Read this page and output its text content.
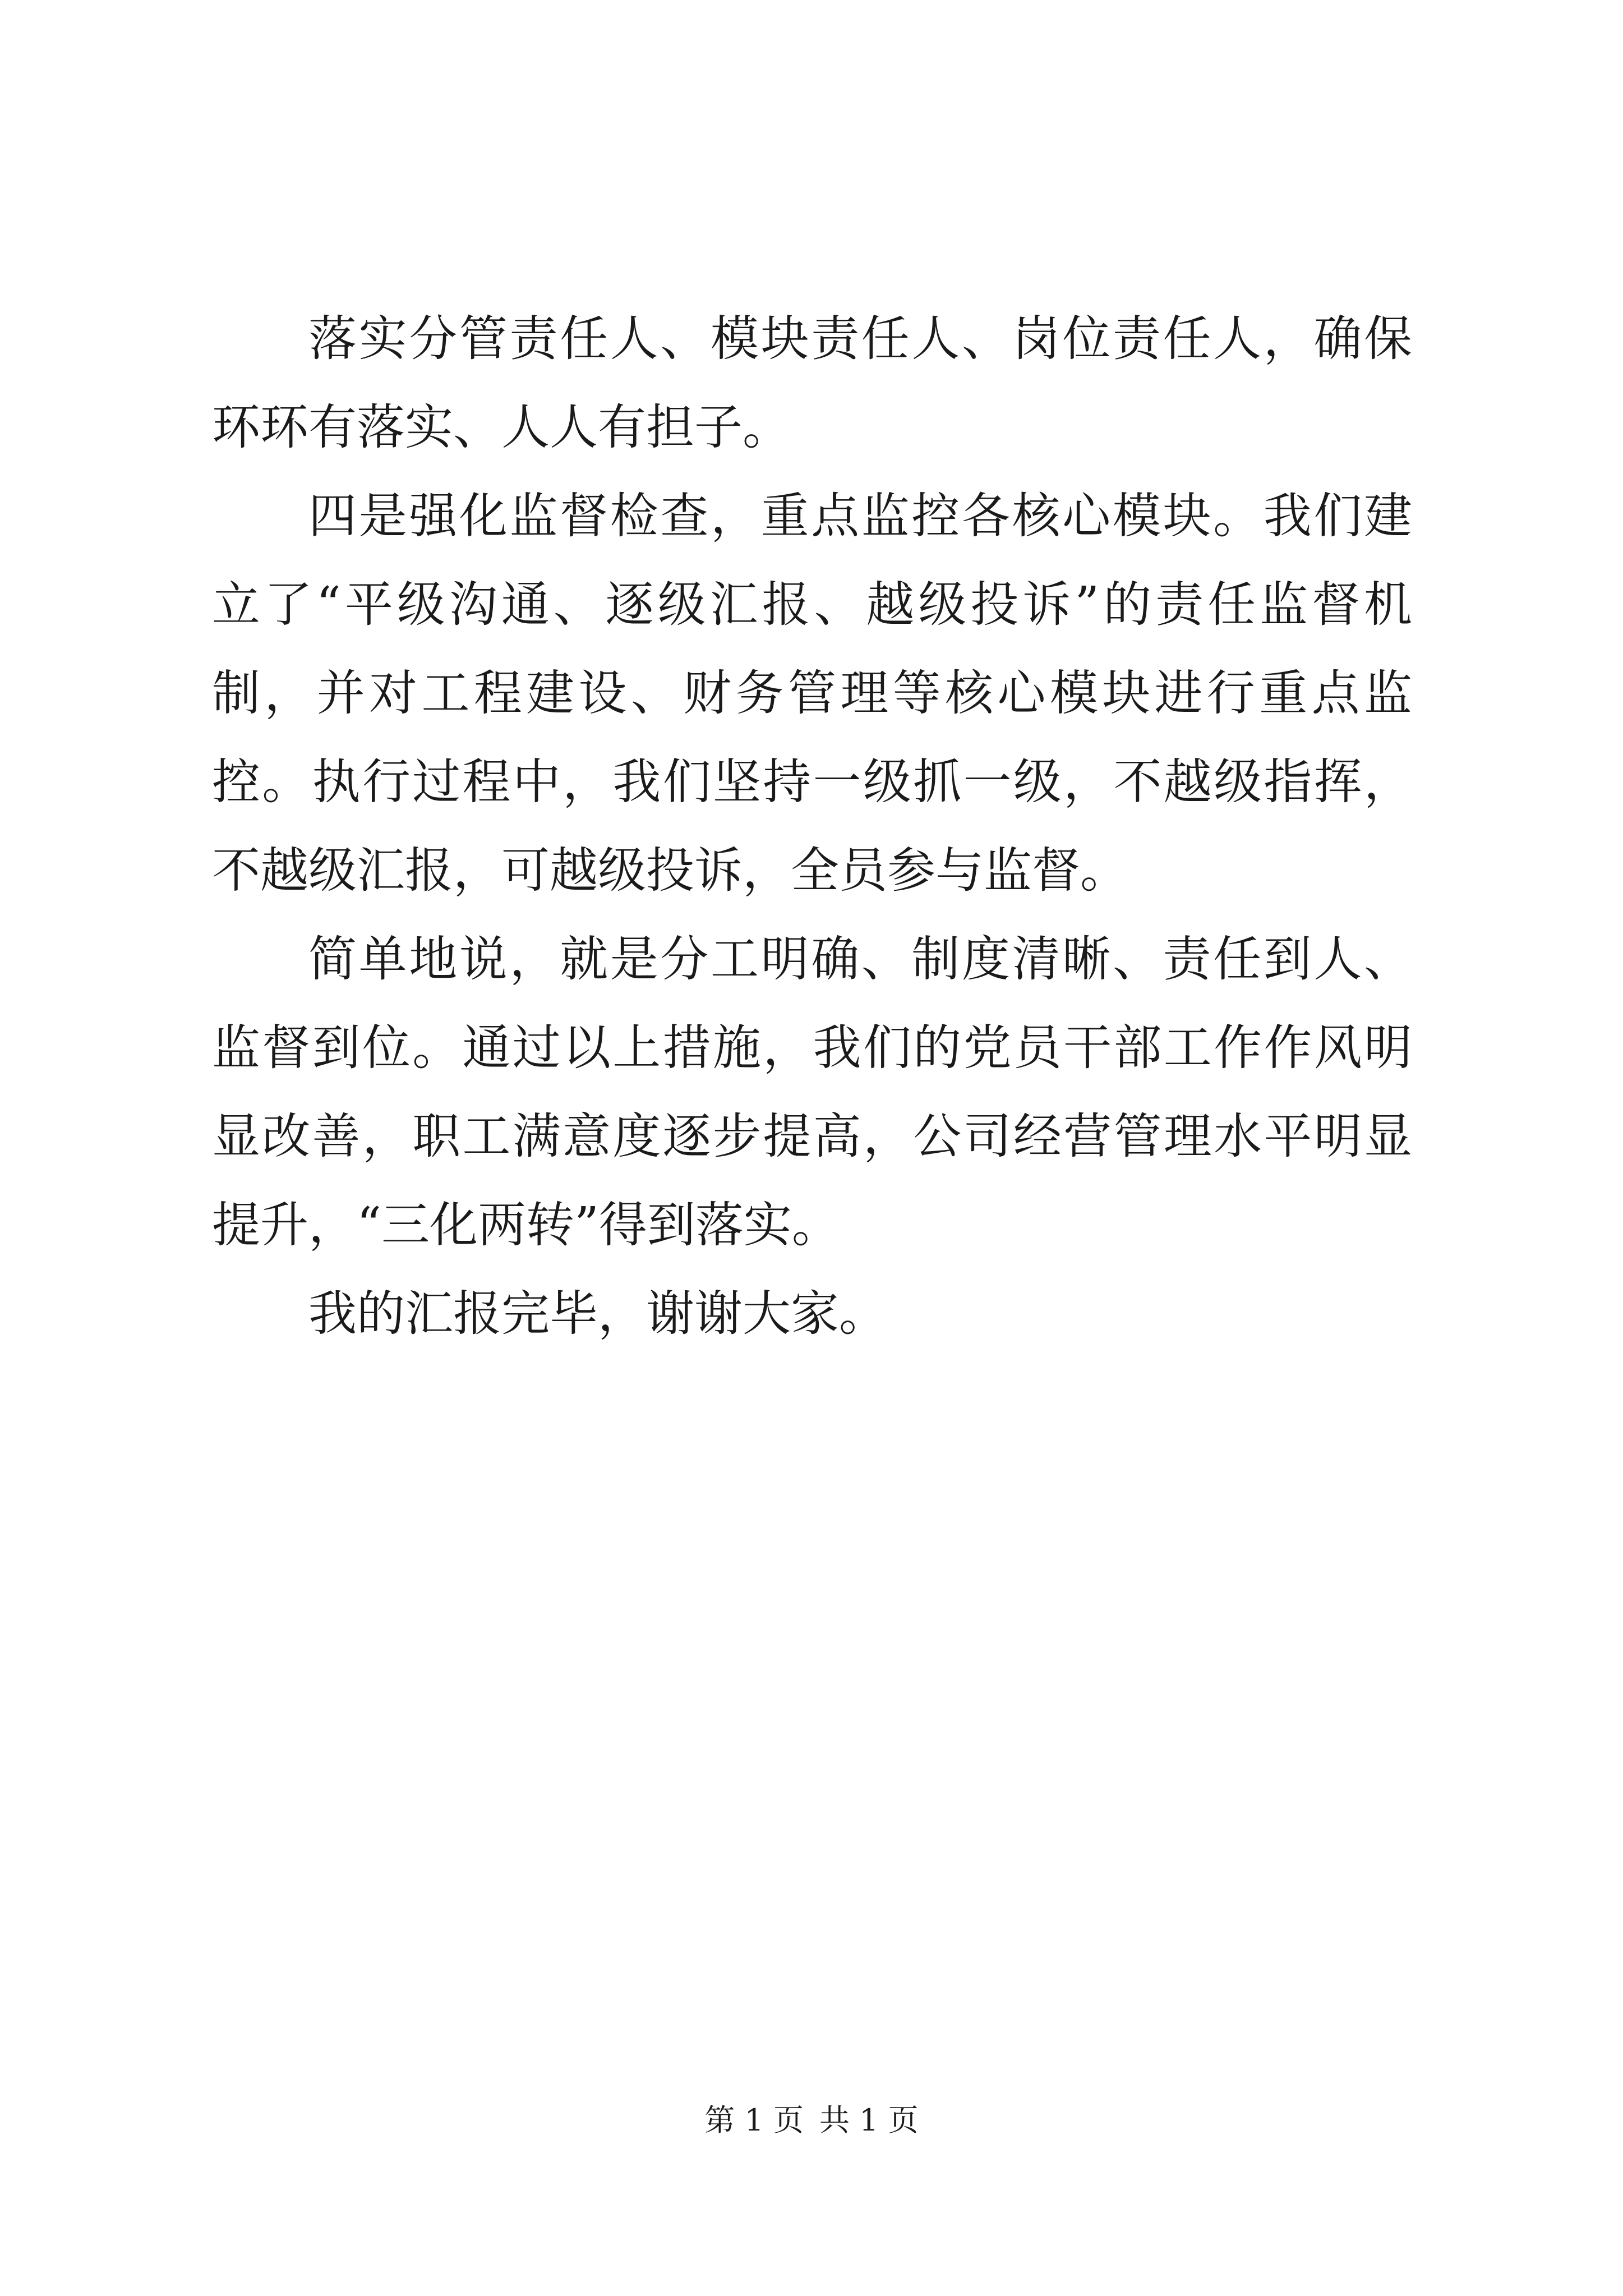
落实分管责任人、模块责任人、岗位责任人，确保环环有落实、人人有担子。

四是强化监督检查，重点监控各核心模块。我们建立了“平级沟通、逐级汇报、越级投诉”的责任监督机制，并对工程建设、财务管理等核心模块进行重点监控。执行过程中，我们坚持一级抓一级，不越级指挥，不越级汇报，可越级投诉，全员参与监督。

简单地说，就是分工明确、制度清晰、责任到人、监督到位。通过以上措施，我们的党员干部工作作风明显改善，职工满意度逐步提高，公司经营管理水平明显提升，“三化两转”得到落实。

我的汇报完毕，谢谢大家。

第 1 页 共 1 页
